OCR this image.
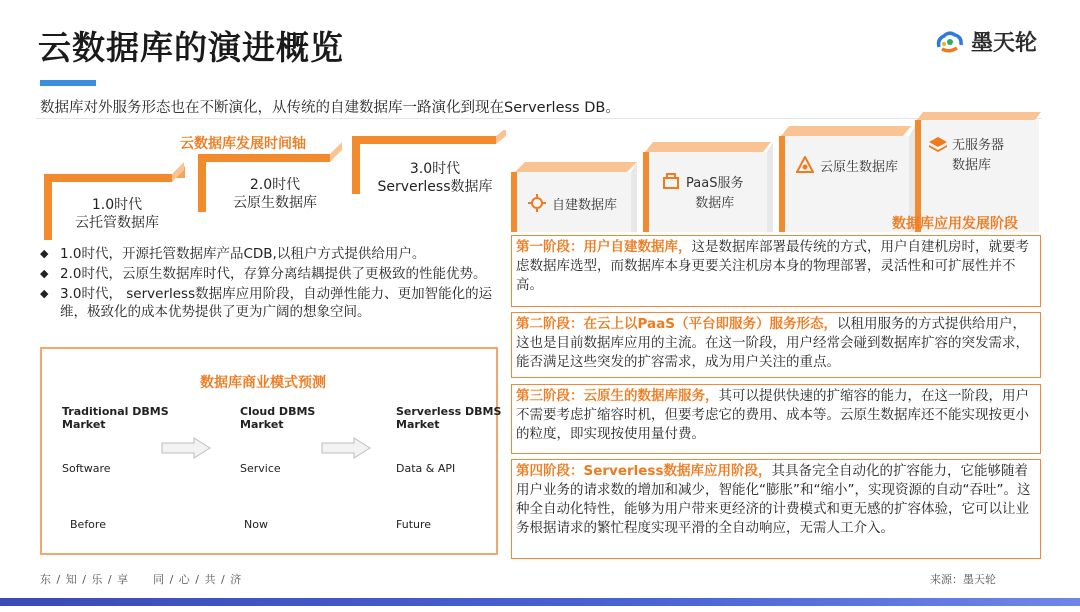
云数据库的演进概览	墨天轮
数据库对外服务形态也在不断演化，从传统的自建数据库一路演化到现在Serverless DB。
云数据库发展时间轴
1.0时代
云托管数据库
2.0时代
云原生数据库
3.0时代
Serverless数据库
◆ 1.0时代，开源托管数据库产品CDB,以租户方式提供给用户。
◆ 2.0时代，云原生数据库时代，存算分离结耦提供了更极致的性能优势。
◆ 3.0时代， serverless数据库应用阶段，自动弹性能力、更加智能化的运维，极致化的成本优势提供了更为广阔的想象空间。
数据库商业模式预测
Traditional DBMS
Market
Cloud DBMS
Market
Serverless DBMS
Market
Software	Service	Data & API
Before	Now	Future
自建数据库
PaaS服务
数据库
云原生数据库
无服务器
数据库
数据库应用发展阶段
第一阶段：用户自建数据库，这是数据库部署最传统的方式，用户自建机房时，就要考虑数据库选型，而数据库本身更要关注机房本身的物理部署，灵活性和可扩展性并不高。
第二阶段：在云上以PaaS（平台即服务）服务形态，以租用服务的方式提供给用户，这也是目前数据库应用的主流。在这一阶段，用户经常会碰到数据库扩容的突发需求，能否满足这些突发的扩容需求，成为用户关注的重点。
第三阶段：云原生的数据库服务，其可以提供快速的扩缩容的能力，在这一阶段，用户不需要考虑扩缩容时机，但要考虑它的费用、成本等。云原生数据库还不能实现按更小的粒度，即实现按使用量付费。
第四阶段：Serverless数据库应用阶段，其具备完全自动化的扩容能力，它能够随着用户业务的请求数的增加和减少，智能化“膨胀”和“缩小”，实现资源的自动“吞吐”。这种全自动化特性，能够为用户带来更经济的计费模式和更无感的扩容体验，它可以让业务根据请求的繁忙程度实现平滑的全自动响应，无需人工介入。
东 / 知 / 乐 / 享　　同 / 心 / 共 / 济	来源：墨天轮
